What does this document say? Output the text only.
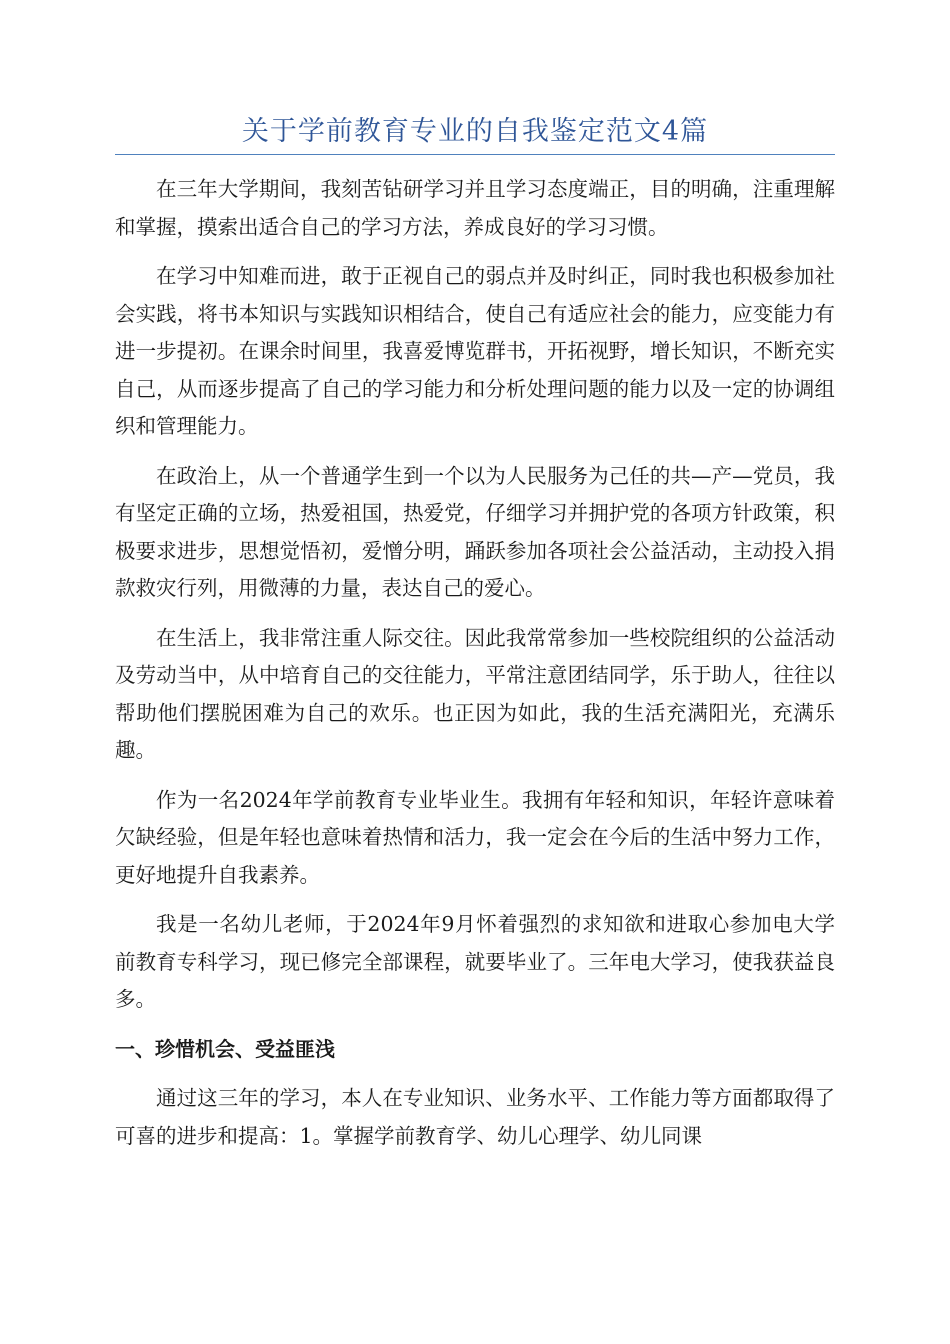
关于学前教育专业的自我鉴定范文4篇

在三年大学期间，我刻苦钻研学习并且学习态度端正，目的明确，注重理解和掌握，摸索出适合自己的学习方法，养成良好的学习习惯。

在学习中知难而进，敢于正视自己的弱点并及时纠正，同时我也积极参加社会实践，将书本知识与实践知识相结合，使自己有适应社会的能力，应变能力有进一步提初。在课余时间里，我喜爱博览群书，开拓视野，增长知识，不断充实自己，从而逐步提高了自己的学习能力和分析处理问题的能力以及一定的协调组织和管理能力。

在政治上，从一个普通学生到一个以为人民服务为己任的共—产—党员，我有坚定正确的立场，热爱祖国，热爱党，仔细学习并拥护党的各项方针政策，积极要求进步，思想觉悟初，爱憎分明，踊跃参加各项社会公益活动，主动投入捐款救灾行列，用微薄的力量，表达自己的爱心。

在生活上，我非常注重人际交往。因此我常常参加一些校院组织的公益活动及劳动当中，从中培育自己的交往能力，平常注意团结同学，乐于助人，往往以帮助他们摆脱困难为自己的欢乐。也正因为如此，我的生活充满阳光，充满乐趣。

作为一名2024年学前教育专业毕业生。我拥有年轻和知识，年轻许意味着欠缺经验，但是年轻也意味着热情和活力，我一定会在今后的生活中努力工作，更好地提升自我素养。

我是一名幼儿老师，于2024年9月怀着强烈的求知欲和进取心参加电大学前教育专科学习，现已修完全部课程，就要毕业了。三年电大学习，使我获益良多。

一、珍惜机会、受益匪浅

通过这三年的学习，本人在专业知识、业务水平、工作能力等方面都取得了可喜的进步和提高：1。掌握学前教育学、幼儿心理学、幼儿同课
